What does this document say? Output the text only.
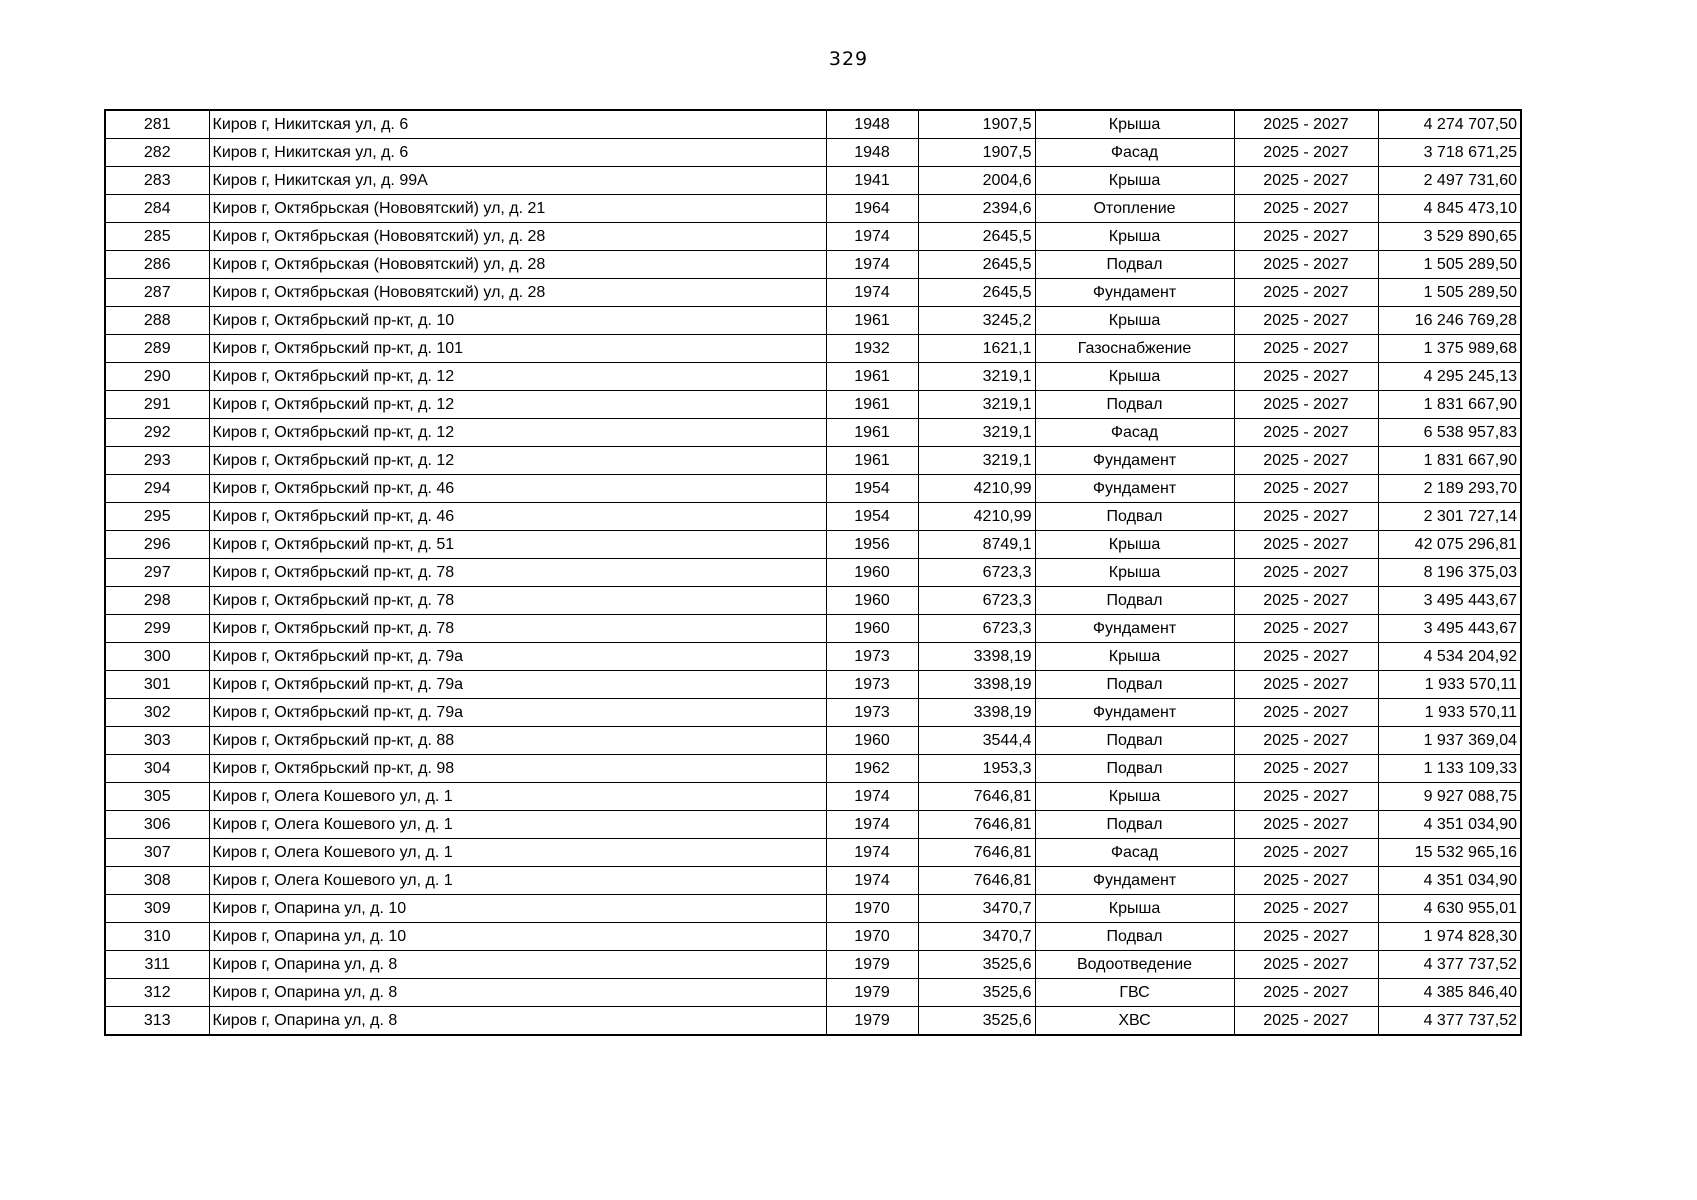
329
281	Киров г, Никитская ул, д. 6	1948	1907,5	Крыша	2025 - 2027	4 274 707,50
282	Киров г, Никитская ул, д. 6	1948	1907,5	Фасад	2025 - 2027	3 718 671,25
283	Киров г, Никитская ул, д. 99А	1941	2004,6	Крыша	2025 - 2027	2 497 731,60
284	Киров г, Октябрьская (Нововятский) ул, д. 21	1964	2394,6	Отопление	2025 - 2027	4 845 473,10
285	Киров г, Октябрьская (Нововятский) ул, д. 28	1974	2645,5	Крыша	2025 - 2027	3 529 890,65
286	Киров г, Октябрьская (Нововятский) ул, д. 28	1974	2645,5	Подвал	2025 - 2027	1 505 289,50
287	Киров г, Октябрьская (Нововятский) ул, д. 28	1974	2645,5	Фундамент	2025 - 2027	1 505 289,50
288	Киров г, Октябрьский пр-кт, д. 10	1961	3245,2	Крыша	2025 - 2027	16 246 769,28
289	Киров г, Октябрьский пр-кт, д. 101	1932	1621,1	Газоснабжение	2025 - 2027	1 375 989,68
290	Киров г, Октябрьский пр-кт, д. 12	1961	3219,1	Крыша	2025 - 2027	4 295 245,13
291	Киров г, Октябрьский пр-кт, д. 12	1961	3219,1	Подвал	2025 - 2027	1 831 667,90
292	Киров г, Октябрьский пр-кт, д. 12	1961	3219,1	Фасад	2025 - 2027	6 538 957,83
293	Киров г, Октябрьский пр-кт, д. 12	1961	3219,1	Фундамент	2025 - 2027	1 831 667,90
294	Киров г, Октябрьский пр-кт, д. 46	1954	4210,99	Фундамент	2025 - 2027	2 189 293,70
295	Киров г, Октябрьский пр-кт, д. 46	1954	4210,99	Подвал	2025 - 2027	2 301 727,14
296	Киров г, Октябрьский пр-кт, д. 51	1956	8749,1	Крыша	2025 - 2027	42 075 296,81
297	Киров г, Октябрьский пр-кт, д. 78	1960	6723,3	Крыша	2025 - 2027	8 196 375,03
298	Киров г, Октябрьский пр-кт, д. 78	1960	6723,3	Подвал	2025 - 2027	3 495 443,67
299	Киров г, Октябрьский пр-кт, д. 78	1960	6723,3	Фундамент	2025 - 2027	3 495 443,67
300	Киров г, Октябрьский пр-кт, д. 79а	1973	3398,19	Крыша	2025 - 2027	4 534 204,92
301	Киров г, Октябрьский пр-кт, д. 79а	1973	3398,19	Подвал	2025 - 2027	1 933 570,11
302	Киров г, Октябрьский пр-кт, д. 79а	1973	3398,19	Фундамент	2025 - 2027	1 933 570,11
303	Киров г, Октябрьский пр-кт, д. 88	1960	3544,4	Подвал	2025 - 2027	1 937 369,04
304	Киров г, Октябрьский пр-кт, д. 98	1962	1953,3	Подвал	2025 - 2027	1 133 109,33
305	Киров г, Олега Кошевого ул, д. 1	1974	7646,81	Крыша	2025 - 2027	9 927 088,75
306	Киров г, Олега Кошевого ул, д. 1	1974	7646,81	Подвал	2025 - 2027	4 351 034,90
307	Киров г, Олега Кошевого ул, д. 1	1974	7646,81	Фасад	2025 - 2027	15 532 965,16
308	Киров г, Олега Кошевого ул, д. 1	1974	7646,81	Фундамент	2025 - 2027	4 351 034,90
309	Киров г, Опарина ул, д. 10	1970	3470,7	Крыша	2025 - 2027	4 630 955,01
310	Киров г, Опарина ул, д. 10	1970	3470,7	Подвал	2025 - 2027	1 974 828,30
311	Киров г, Опарина ул, д. 8	1979	3525,6	Водоотведение	2025 - 2027	4 377 737,52
312	Киров г, Опарина ул, д. 8	1979	3525,6	ГВС	2025 - 2027	4 385 846,40
313	Киров г, Опарина ул, д. 8	1979	3525,6	ХВС	2025 - 2027	4 377 737,52
